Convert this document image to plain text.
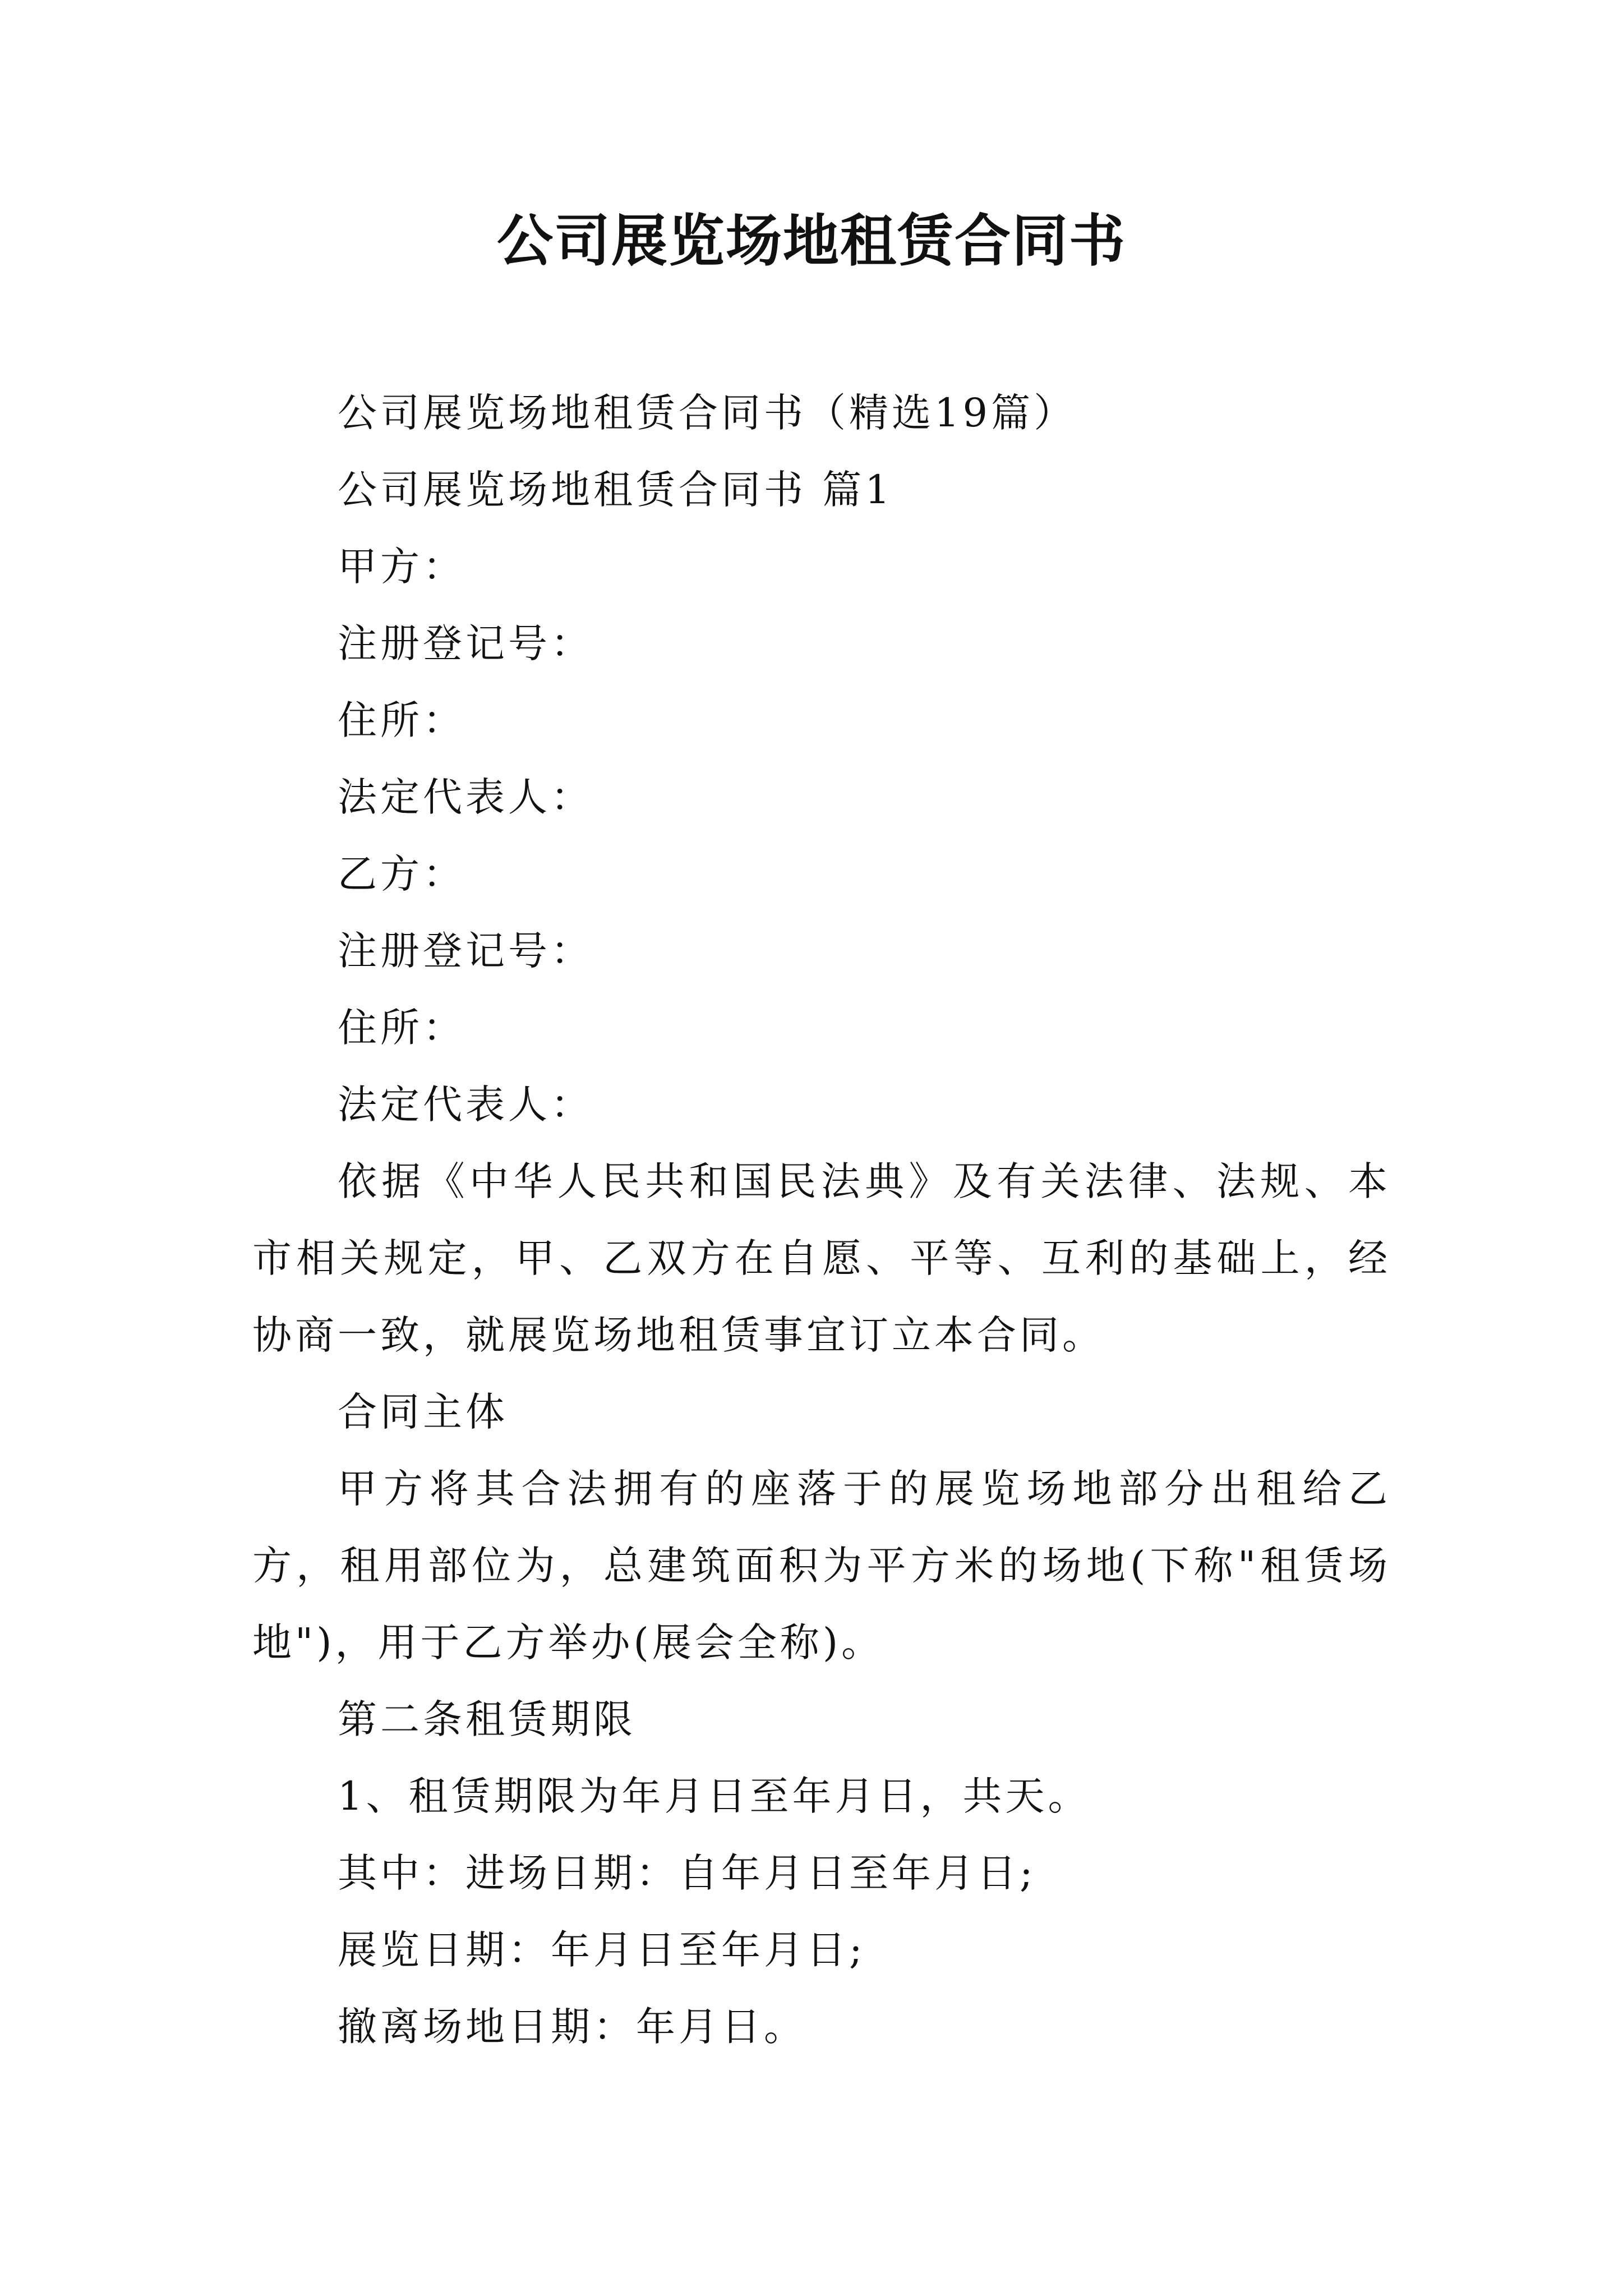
公司展览场地租赁合同书

公司展览场地租赁合同书（精选19篇）

公司展览场地租赁合同书 篇1

甲方：

注册登记号：

住所：

法定代表人：

乙方：

注册登记号：

住所：

法定代表人：

依据《中华人民共和国民法典》及有关法律、法规、本市相关规定，甲、乙双方在自愿、平等、互利的基础上，经协商一致，就展览场地租赁事宜订立本合同。

合同主体

甲方将其合法拥有的座落于的展览场地部分出租给乙方，租用部位为，总建筑面积为平方米的场地(下称"租赁场地")，用于乙方举办(展会全称)。

第二条租赁期限

1、租赁期限为年月日至年月日，共天。

其中：进场日期：自年月日至年月日;

展览日期：年月日至年月日;

撤离场地日期：年月日。
